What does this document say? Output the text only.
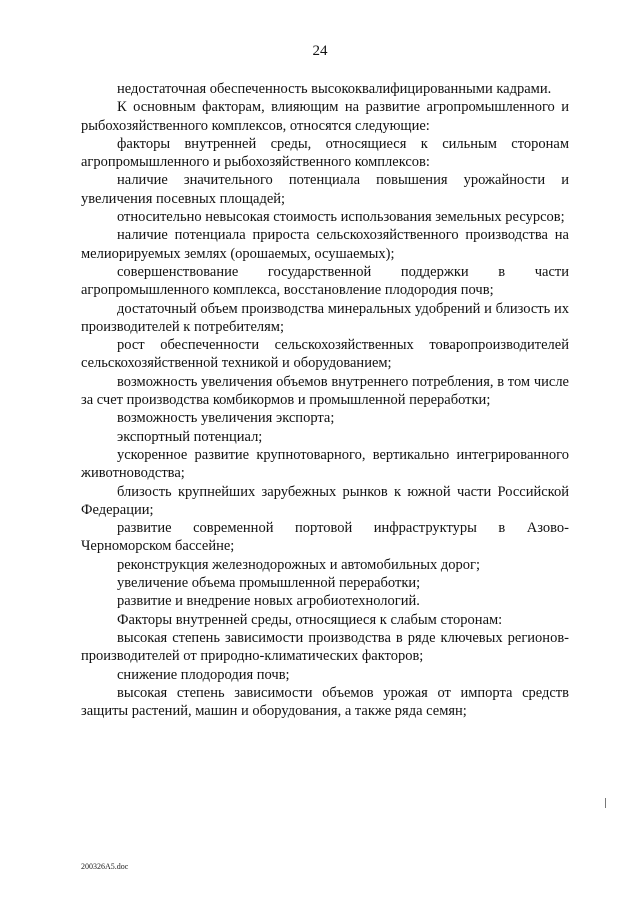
24

недостаточная обеспеченность высококвалифицированными кадрами.

К основным факторам, влияющим на развитие агропромышленного и рыбохозяйственного комплексов, относятся следующие:

факторы внутренней среды, относящиеся к сильным сторонам агропромышленного и рыбохозяйственного комплексов:

наличие значительного потенциала повышения урожайности и увеличения посевных площадей;

относительно невысокая стоимость использования земельных ресурсов;

наличие потенциала прироста сельскохозяйственного производства на мелиорируемых землях (орошаемых, осушаемых);

совершенствование государственной поддержки в части агропромышленного комплекса, восстановление плодородия почв;

достаточный объем производства минеральных удобрений и близость их производителей к потребителям;

рост обеспеченности сельскохозяйственных товаропроизводителей сельскохозяйственной техникой и оборудованием;

возможность увеличения объемов внутреннего потребления, в том числе за счет производства комбикормов и промышленной переработки;

возможность увеличения экспорта;

экспортный потенциал;

ускоренное развитие крупнотоварного, вертикально интегрированного животноводства;

близость крупнейших зарубежных рынков к южной части Российской Федерации;

развитие современной портовой инфраструктуры в Азово-Черноморском бассейне;

реконструкция железнодорожных и автомобильных дорог;

увеличение объема промышленной переработки;

развитие и внедрение новых агробиотехнологий.

Факторы внутренней среды, относящиеся к слабым сторонам:

высокая степень зависимости производства в ряде ключевых регионов-производителей от природно-климатических факторов;

снижение плодородия почв;

высокая степень зависимости объемов урожая от импорта средств защиты растений, машин и оборудования, а также ряда семян;

200326A5.doc
